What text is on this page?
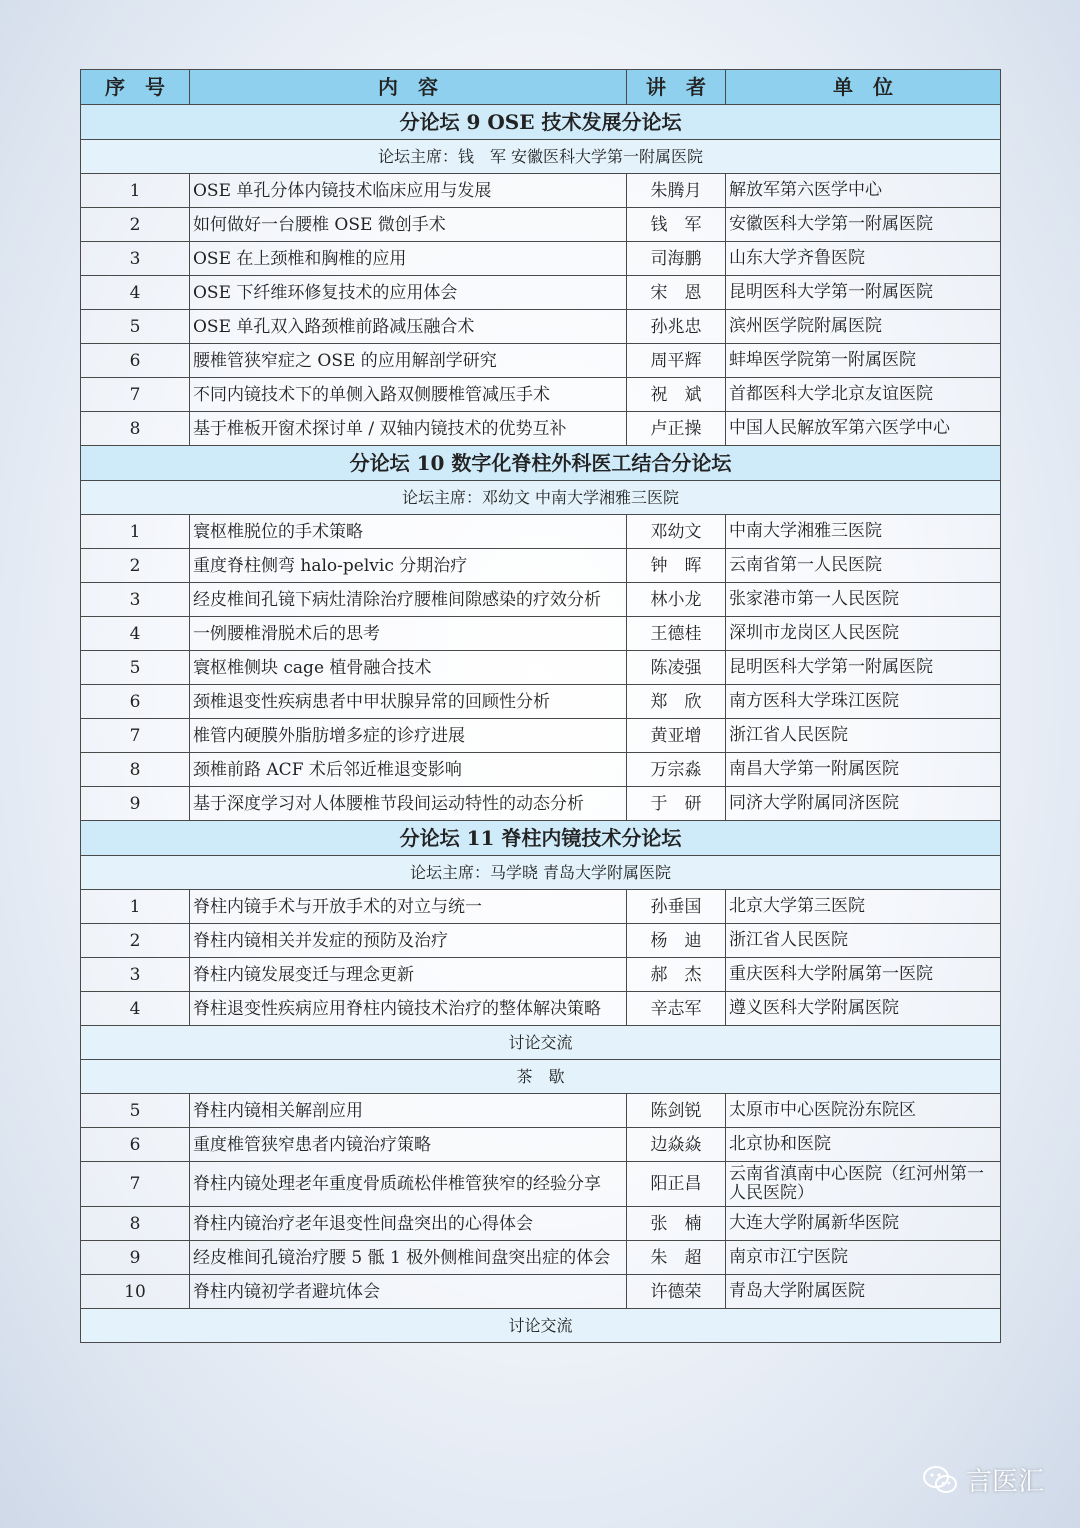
序　号	内　容	讲　者	单　位
分论坛 9 OSE 技术发展分论坛			
论坛主席：钱　军 安徽医科大学第一附属医院			
1	OSE 单孔分体内镜技术临床应用与发展	朱腾月	解放军第六医学中心
2	如何做好一台腰椎 OSE 微创手术	钱　军	安徽医科大学第一附属医院
3	OSE 在上颈椎和胸椎的应用	司海鹏	山东大学齐鲁医院
4	OSE 下纤维环修复技术的应用体会	宋　恩	昆明医科大学第一附属医院
5	OSE 单孔双入路颈椎前路减压融合术	孙兆忠	滨州医学院附属医院
6	腰椎管狭窄症之 OSE 的应用解剖学研究	周平辉	蚌埠医学院第一附属医院
7	不同内镜技术下的单侧入路双侧腰椎管减压手术	祝　斌	首都医科大学北京友谊医院
8	基于椎板开窗术探讨单 / 双轴内镜技术的优势互补	卢正操	中国人民解放军第六医学中心
分论坛 10 数字化脊柱外科医工结合分论坛			
论坛主席：邓幼文 中南大学湘雅三医院			
1	寰枢椎脱位的手术策略	邓幼文	中南大学湘雅三医院
2	重度脊柱侧弯 halo-pelvic 分期治疗	钟　晖	云南省第一人民医院
3	经皮椎间孔镜下病灶清除治疗腰椎间隙感染的疗效分析	林小龙	张家港市第一人民医院
4	一例腰椎滑脱术后的思考	王德桂	深圳市龙岗区人民医院
5	寰枢椎侧块 cage 植骨融合技术	陈凌强	昆明医科大学第一附属医院
6	颈椎退变性疾病患者中甲状腺异常的回顾性分析	郑　欣	南方医科大学珠江医院
7	椎管内硬膜外脂肪增多症的诊疗进展	黄亚增	浙江省人民医院
8	颈椎前路 ACF 术后邻近椎退变影响	万宗淼	南昌大学第一附属医院
9	基于深度学习对人体腰椎节段间运动特性的动态分析	于　研	同济大学附属同济医院
分论坛 11 脊柱内镜技术分论坛			
论坛主席：马学晓 青岛大学附属医院			
1	脊柱内镜手术与开放手术的对立与统一	孙垂国	北京大学第三医院
2	脊柱内镜相关并发症的预防及治疗	杨　迪	浙江省人民医院
3	脊柱内镜发展变迁与理念更新	郝　杰	重庆医科大学附属第一医院
4	脊柱退变性疾病应用脊柱内镜技术治疗的整体解决策略	辛志军	遵义医科大学附属医院
讨论交流			
茶　歇			
5	脊柱内镜相关解剖应用	陈剑锐	太原市中心医院汾东院区
6	重度椎管狭窄患者内镜治疗策略	边焱焱	北京协和医院
7	脊柱内镜处理老年重度骨质疏松伴椎管狭窄的经验分享	阳正昌	云南省滇南中心医院（红河州第一人民医院）
8	脊柱内镜治疗老年退变性间盘突出的心得体会	张　楠	大连大学附属新华医院
9	经皮椎间孔镜治疗腰 5 骶 1 极外侧椎间盘突出症的体会	朱　超	南京市江宁医院
10	脊柱内镜初学者避坑体会	许德荣	青岛大学附属医院
讨论交流			
言医汇
